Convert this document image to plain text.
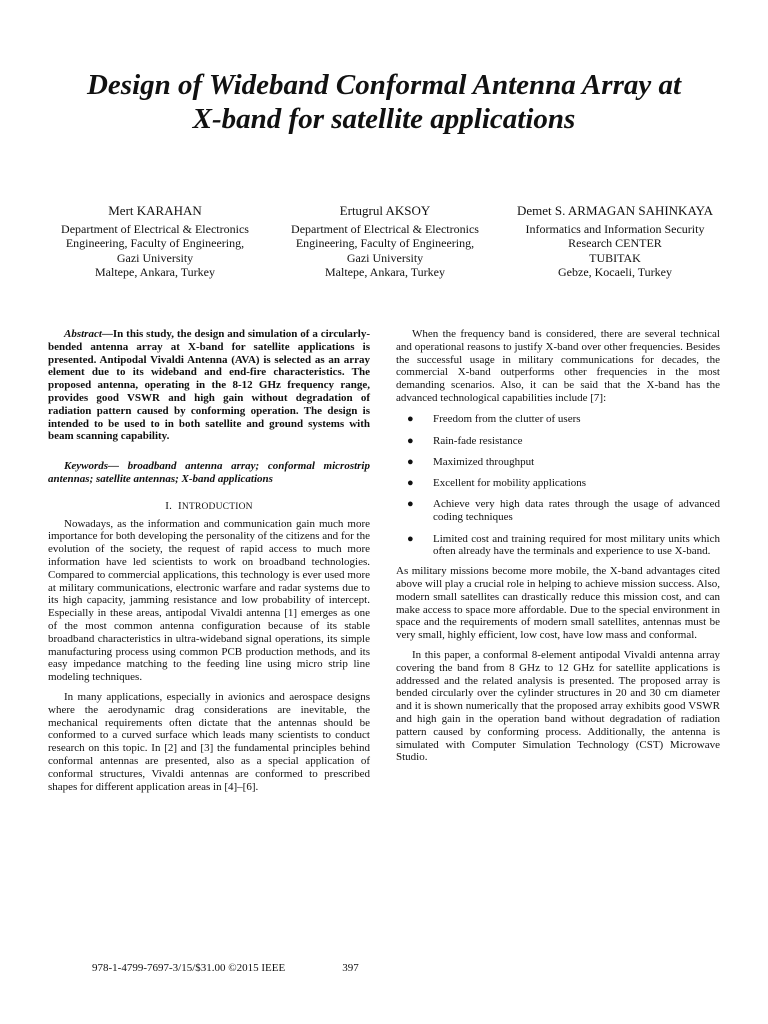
Design of Wideband Conformal Antenna Array at
X-band for satellite applications
Mert KARAHAN
Department of Electrical & Electronics
Engineering, Faculty of Engineering,
Gazi University
Maltepe, Ankara, Turkey
Ertugrul AKSOY
Department of Electrical & Electronics
Engineering, Faculty of Engineering,
Gazi University
Maltepe, Ankara, Turkey
Demet S. ARMAGAN SAHINKAYA
Informatics and Information Security
Research CENTER
TUBITAK
Gebze, Kocaeli, Turkey

Abstract—In this study, the design and simulation of a circularly-bended antenna array at X-band for satellite applications is presented. Antipodal Vivaldi Antenna (AVA) is selected as an array element due to its wideband and end-fire characteristics. The proposed antenna, operating in the 8-12 GHz frequency range, provides good VSWR and high gain without degradation of radiation pattern caused by conforming operation. The design is intended to be used to in both satellite and ground systems with beam scanning capability.

Keywords— broadband antenna array; conformal microstrip antennas; satellite antennas; X-band applications

I. INTRODUCTION

Nowadays, as the information and communication gain much more importance for both developing the personality of the citizens and for the evolution of the society, the request of rapid access to much more information have led scientists to work on broadband technologies. Compared to commercial applications, this technology is ever used more at military communications, electronic warfare and radar systems due to its high capacity, jamming resistance and low probability of intercept. Especially in these areas, antipodal Vivaldi antenna [1] emerges as one of the most common antenna configuration because of its stable broadband characteristics in ultra-wideband signal operations, its simple manufacturing process using common PCB production methods, and its easy impedance matching to the feeding line using micro strip line modeling techniques.

In many applications, especially in avionics and aerospace designs where the aerodynamic drag considerations are inevitable, the mechanical requirements often dictate that the antennas should be conformed to a curved surface which leads many scientists to conduct research on this topic. In [2] and [3] the fundamental principles behind conformal antennas are presented, also as a special application of conformal structures, Vivaldi antennas are conformed to prescribed shapes for different application areas in [4]–[6].

When the frequency band is considered, there are several technical and operational reasons to justify X-band over other frequencies. Besides the successful usage in military communications for decades, the commercial X-band outperforms other frequencies in the most demanding scenarios. Also, it can be said that the X-band has the advanced technological capabilities include [7]:

● Freedom from the clutter of users
● Rain-fade resistance
● Maximized throughput
● Excellent for mobility applications
● Achieve very high data rates through the usage of advanced coding techniques
● Limited cost and training required for most military units which often already have the terminals and experience to use X-band.

As military missions become more mobile, the X-band advantages cited above will play a crucial role in helping to achieve mission success. Also, modern small satellites can drastically reduce this mission cost, and can make access to space more affordable. Due to the special environment in space and the requirements of modern small satellites, antennas must be very small, highly efficient, low cost, have low mass and conformal.

In this paper, a conformal 8-element antipodal Vivaldi antenna array covering the band from 8 GHz to 12 GHz for satellite applications is addressed and the related analysis is presented. The proposed array is bended circularly over the cylinder structures in 20 and 30 cm diameter and it is shown numerically that the proposed array exhibits good VSWR and high gain in the operation band without degradation of radiation pattern caused by conforming process. Additionally, the antenna is simulated with Computer Simulation Technology (CST) Microwave Studio.

978-1-4799-7697-3/15/$31.00 ©2015 IEEE	397
